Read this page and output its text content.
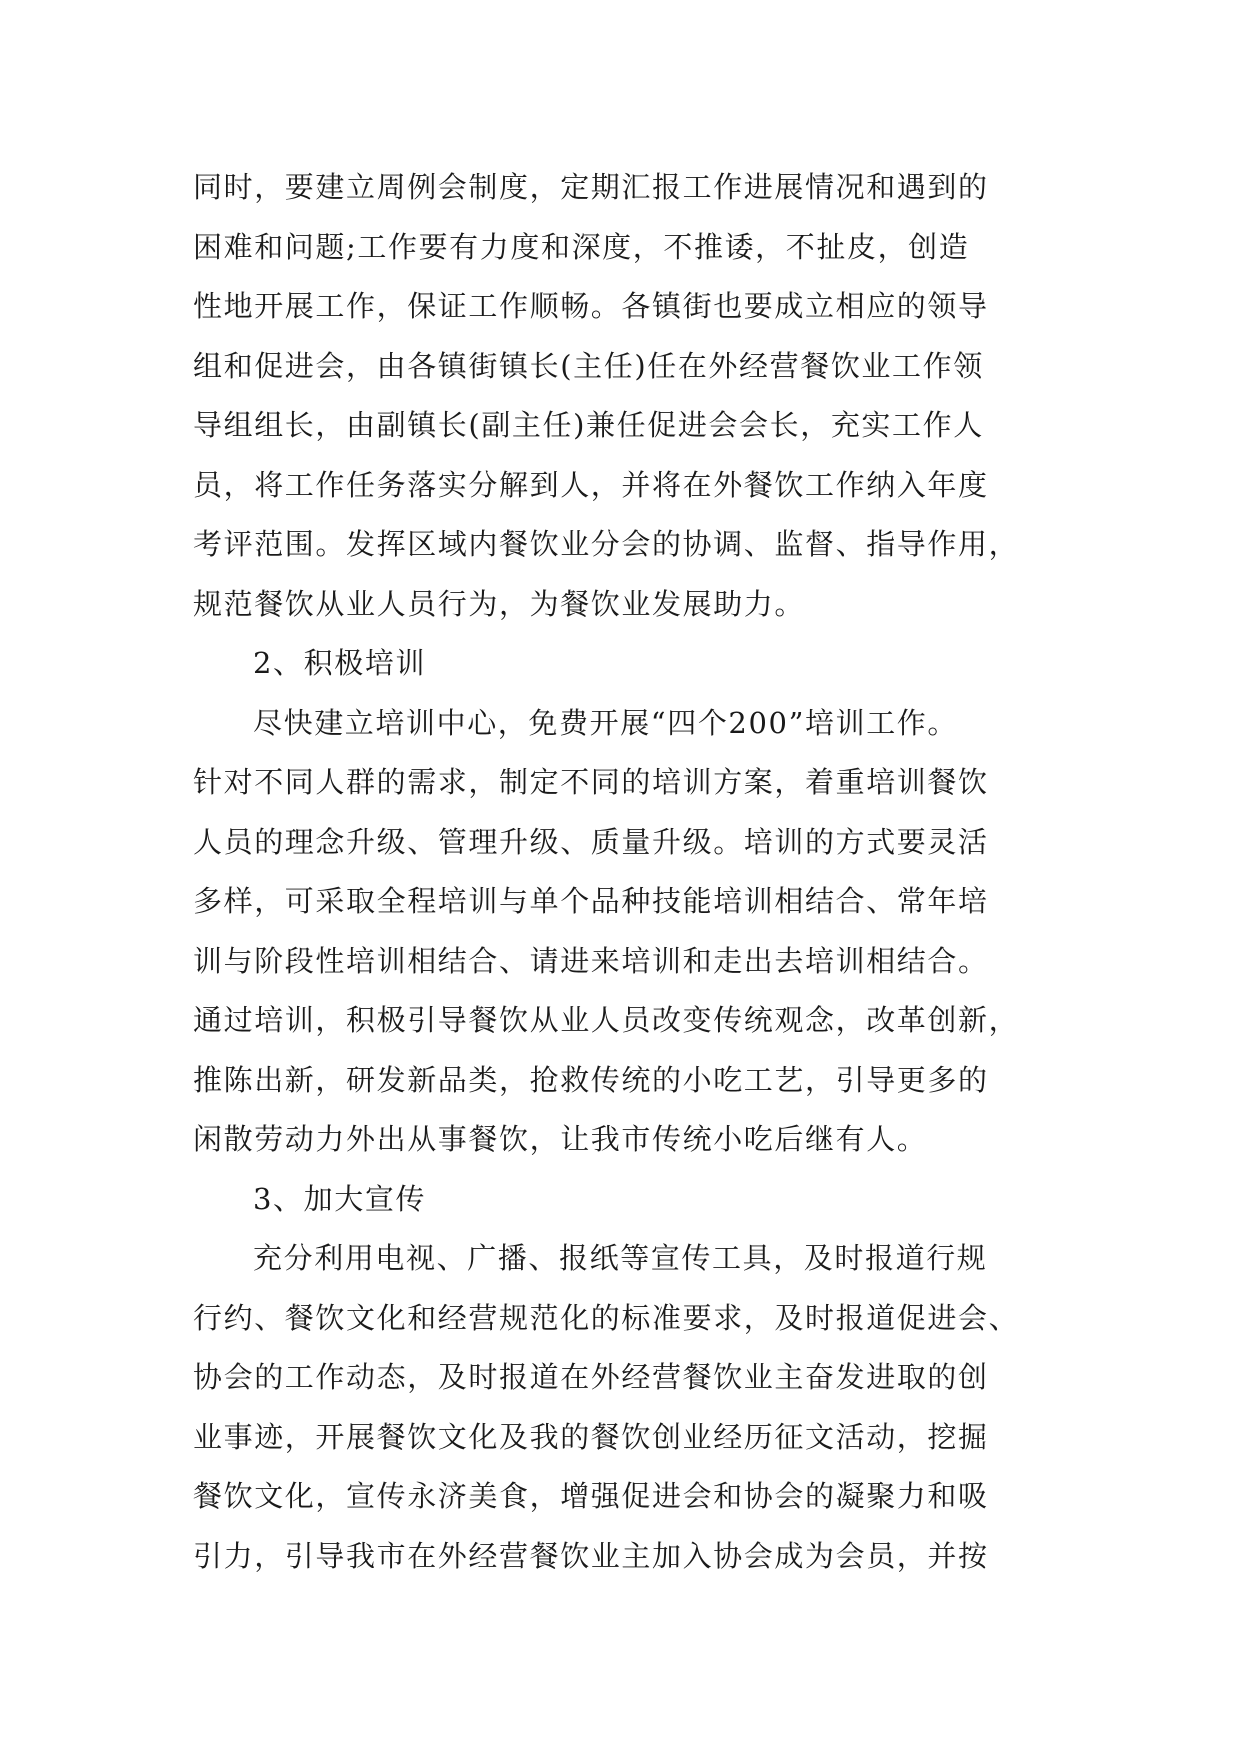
同时，要建立周例会制度，定期汇报工作进展情况和遇到的
困难和问题;工作要有力度和深度，不推诿，不扯皮，创造
性地开展工作，保证工作顺畅。各镇街也要成立相应的领导
组和促进会，由各镇街镇长(主任)任在外经营餐饮业工作领
导组组长，由副镇长(副主任)兼任促进会会长，充实工作人
员，将工作任务落实分解到人，并将在外餐饮工作纳入年度
考评范围。发挥区域内餐饮业分会的协调、监督、指导作用，
规范餐饮从业人员行为，为餐饮业发展助力。
2、积极培训
尽快建立培训中心，免费开展“四个200”培训工作。
针对不同人群的需求，制定不同的培训方案，着重培训餐饮
人员的理念升级、管理升级、质量升级。培训的方式要灵活
多样，可采取全程培训与单个品种技能培训相结合、常年培
训与阶段性培训相结合、请进来培训和走出去培训相结合。
通过培训，积极引导餐饮从业人员改变传统观念，改革创新，
推陈出新，研发新品类，抢救传统的小吃工艺，引导更多的
闲散劳动力外出从事餐饮，让我市传统小吃后继有人。
3、加大宣传
充分利用电视、广播、报纸等宣传工具，及时报道行规
行约、餐饮文化和经营规范化的标准要求，及时报道促进会、
协会的工作动态，及时报道在外经营餐饮业主奋发进取的创
业事迹，开展餐饮文化及我的餐饮创业经历征文活动，挖掘
餐饮文化，宣传永济美食，增强促进会和协会的凝聚力和吸
引力，引导我市在外经营餐饮业主加入协会成为会员，并按
